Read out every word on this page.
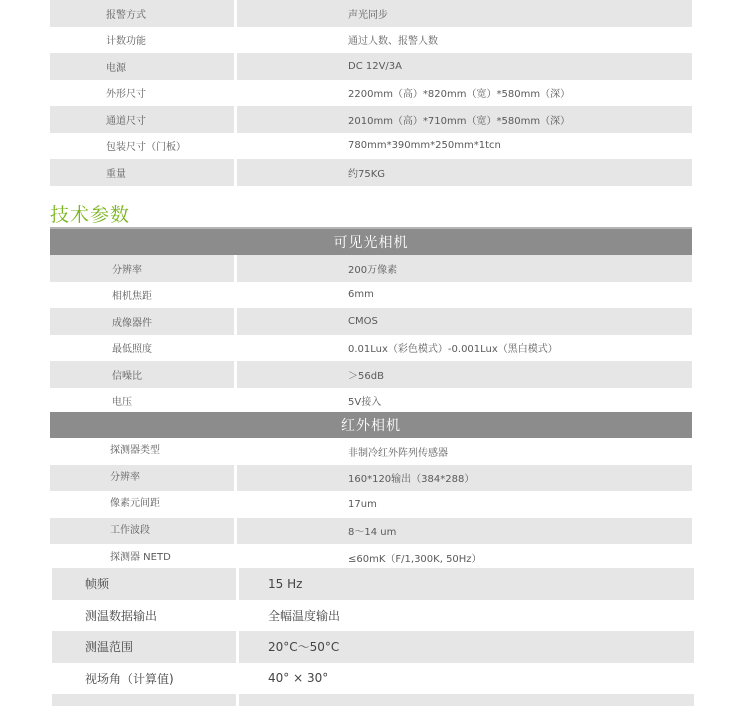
报警方式	声光同步
计数功能	通过人数、报警人数
电源	DC 12V/3A
外形尺寸	2200mm（高）*820mm（宽）*580mm（深）
通道尺寸	2010mm（高）*710mm（宽）*580mm（深）
包装尺寸（门板）	780mm*390mm*250mm*1tcn
重量	约75KG
技术参数
可见光相机
分辨率	200万像素
相机焦距	6mm
成像器件	CMOS
最低照度	0.01Lux（彩色模式）-0.001Lux（黑白模式）
信噪比	＞56dB
电压	5V接入
红外相机
探测器类型	非制冷红外阵列传感器
分辨率	160*120输出（384*288）
像素元间距	17um
工作波段	8～14 um
探测器 NETD	≤60mK（F/1,300K, 50Hz）
帧频	15 Hz
测温数据输出	全幅温度输出
测温范围	20°C～50°C
视场角（计算值)	40° × 30°
